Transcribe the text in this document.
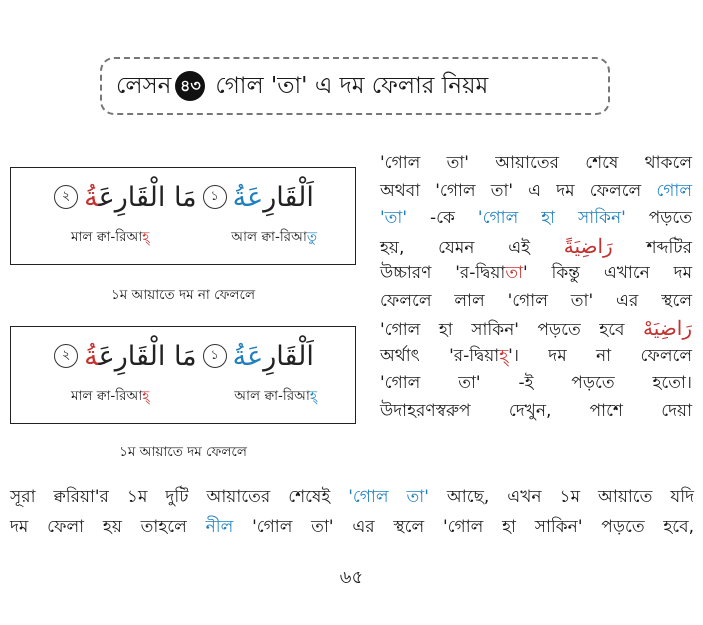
লেসন ৪৩ গোল 'তা' এ দম ফেলার নিয়ম
اَلْقَارِعَةُ
১
مَا الْقَارِعَةُ
২
মাল ক্বা-রিআহ্	আল ক্বা-রিআতু
১ম আয়াতে দম না ফেললে
اَلْقَارِعَةُ
১
مَا الْقَارِعَةُ
২
মাল ক্বা-রিআহ্	আল ক্বা-রিআহ্
১ম আয়াতে দম ফেললে
'গোল তা' আয়াতের শেষে থাকলে
অথবা 'গোল তা' এ দম ফেললে গোল
'তা' -কে 'গোল হা সাকিন' পড়তে
হয়, যেমন এই رَاضِيَةً শব্দটির
উচ্চারণ 'র-দ্বিয়াতা' কিন্তু এখানে দম
ফেললে লাল 'গোল তা' এর স্থলে
'গোল হা সাকিন' পড়তে হবে رَاضِيَهْ
অর্থাৎ 'র-দ্বিয়াহ্'। দম না ফেললে
'গোল তা' -ই পড়তে হতো।
উদাহরণস্বরুপ দেখুন, পাশে দেয়া
সূরা ক্বরিয়া'র ১ম দুটি আয়াতের শেষেই 'গোল তা' আছে, এখন ১ম আয়াতে যদি
দম ফেলা হয় তাহলে নীল 'গোল তা' এর স্থলে 'গোল হা সাকিন' পড়তে হবে,
৬৫
